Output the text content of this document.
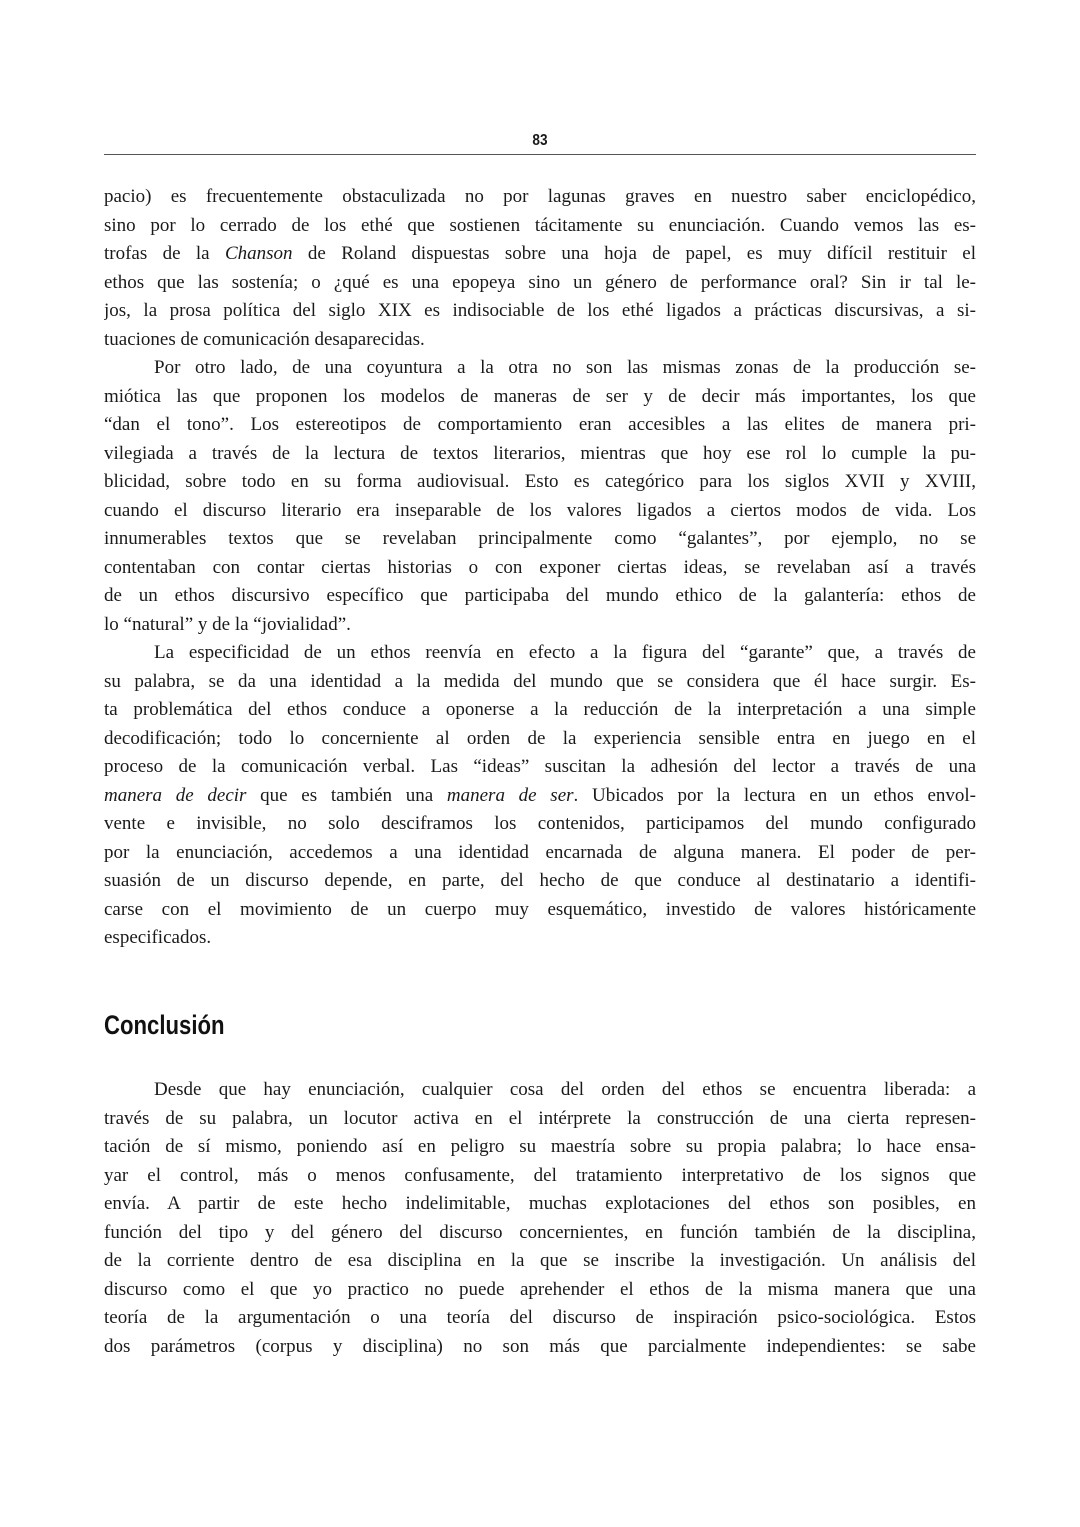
83
pacio) es frecuentemente obstaculizada no por lagunas graves en nuestro saber enciclopédico,
sino por lo cerrado de los ethé que sostienen tácitamente su enunciación. Cuando vemos las es-
trofas de la Chanson de Roland dispuestas sobre una hoja de papel, es muy difícil restituir el
ethos que las sostenía; o ¿qué es una epopeya sino un género de performance oral? Sin ir tal le-
jos, la prosa política del siglo XIX es indisociable de los ethé ligados a prácticas discursivas, a si-
tuaciones de comunicación desaparecidas.
Por otro lado, de una coyuntura a la otra no son las mismas zonas de la producción se-
miótica las que proponen los modelos de maneras de ser y de decir más importantes, los que
“dan el tono”. Los estereotipos de comportamiento eran accesibles a las elites de manera pri-
vilegiada a través de la lectura de textos literarios, mientras que hoy ese rol lo cumple la pu-
blicidad, sobre todo en su forma audiovisual. Esto es categórico para los siglos XVII y XVIII,
cuando el discurso literario era inseparable de los valores ligados a ciertos modos de vida. Los
innumerables textos que se revelaban principalmente como “galantes”, por ejemplo, no se
contentaban con contar ciertas historias o con exponer ciertas ideas, se revelaban así a través
de un ethos discursivo específico que participaba del mundo ethico de la galantería: ethos de
lo “natural” y de la “jovialidad”.
La especificidad de un ethos reenvía en efecto a la figura del “garante” que, a través de
su palabra, se da una identidad a la medida del mundo que se considera que él hace surgir. Es-
ta problemática del ethos conduce a oponerse a la reducción de la interpretación a una simple
decodificación; todo lo concerniente al orden de la experiencia sensible entra en juego en el
proceso de la comunicación verbal. Las “ideas” suscitan la adhesión del lector a través de una
manera de decir que es también una manera de ser. Ubicados por la lectura en un ethos envol-
vente e invisible, no solo desciframos los contenidos, participamos del mundo configurado
por la enunciación, accedemos a una identidad encarnada de alguna manera. El poder de per-
suasión de un discurso depende, en parte, del hecho de que conduce al destinatario a identifi-
carse con el movimiento de un cuerpo muy esquemático, investido de valores históricamente
especificados.
Conclusión
Desde que hay enunciación, cualquier cosa del orden del ethos se encuentra liberada: a
través de su palabra, un locutor activa en el intérprete la construcción de una cierta represen-
tación de sí mismo, poniendo así en peligro su maestría sobre su propia palabra; lo hace ensa-
yar el control, más o menos confusamente, del tratamiento interpretativo de los signos que
envía. A partir de este hecho indelimitable, muchas explotaciones del ethos son posibles, en
función del tipo y del género del discurso concernientes, en función también de la disciplina,
de la corriente dentro de esa disciplina en la que se inscribe la investigación. Un análisis del
discurso como el que yo practico no puede aprehender el ethos de la misma manera que una
teoría de la argumentación o una teoría del discurso de inspiración psico-sociológica. Estos
dos parámetros (corpus y disciplina) no son más que parcialmente independientes: se sabe
